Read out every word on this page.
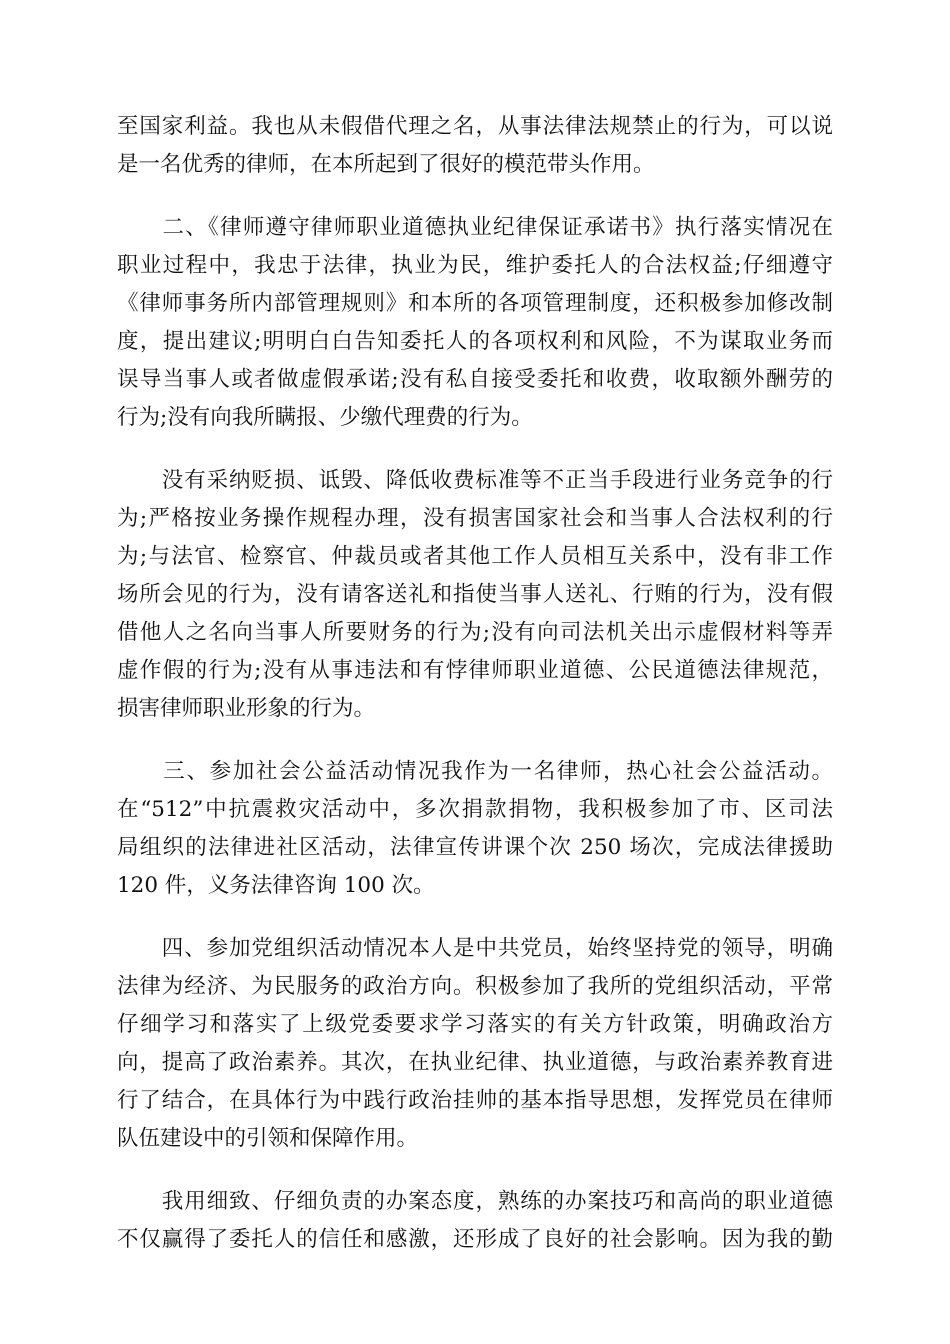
至国家利益。我也从未假借代理之名，从事法律法规禁止的行为，可以说
是一名优秀的律师，在本所起到了很好的模范带头作用。
　　二、《律师遵守律师职业道德执业纪律保证承诺书》执行落实情况在
职业过程中，我忠于法律，执业为民，维护委托人的合法权益;仔细遵守
《律师事务所内部管理规则》和本所的各项管理制度，还积极参加修改制
度，提出建议;明明白白告知委托人的各项权利和风险，不为谋取业务而
误导当事人或者做虚假承诺;没有私自接受委托和收费，收取额外酬劳的
行为;没有向我所瞒报、少缴代理费的行为。
　　没有采纳贬损、诋毁、降低收费标准等不正当手段进行业务竞争的行
为;严格按业务操作规程办理，没有损害国家社会和当事人合法权利的行
为;与法官、检察官、仲裁员或者其他工作人员相互关系中，没有非工作
场所会见的行为，没有请客送礼和指使当事人送礼、行贿的行为，没有假
借他人之名向当事人所要财务的行为;没有向司法机关出示虚假材料等弄
虚作假的行为;没有从事违法和有悖律师职业道德、公民道德法律规范，
损害律师职业形象的行为。
　　三、参加社会公益活动情况我作为一名律师，热心社会公益活动。
在“512”中抗震救灾活动中，多次捐款捐物，我积极参加了市、区司法
局组织的法律进社区活动，法律宣传讲课个次 250 场次，完成法律援助
120 件，义务法律咨询 100 次。
　　四、参加党组织活动情况本人是中共党员，始终坚持党的领导，明确
法律为经济、为民服务的政治方向。积极参加了我所的党组织活动，平常
仔细学习和落实了上级党委要求学习落实的有关方针政策，明确政治方
向，提高了政治素养。其次，在执业纪律、执业道德，与政治素养教育进
行了结合，在具体行为中践行政治挂帅的基本指导思想，发挥党员在律师
队伍建设中的引领和保障作用。
　　我用细致、仔细负责的办案态度，熟练的办案技巧和高尚的职业道德
不仅赢得了委托人的信任和感激，还形成了良好的社会影响。因为我的勤
